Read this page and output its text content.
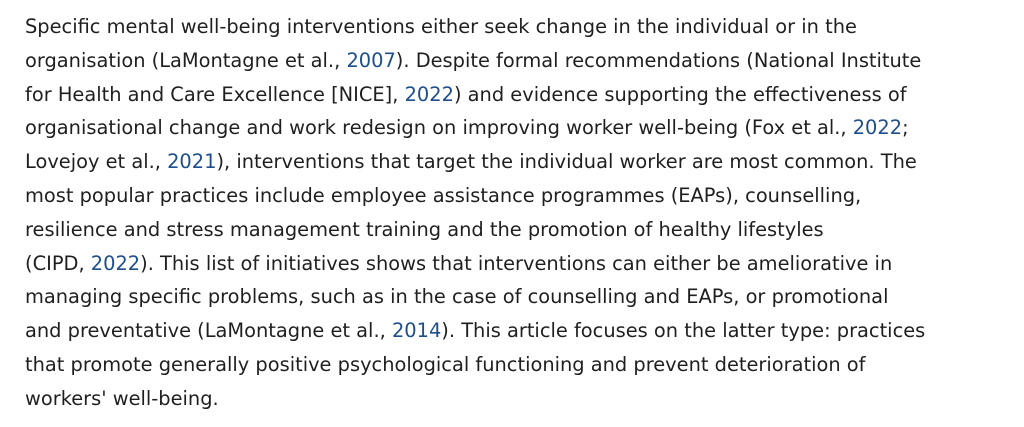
Specific mental well-being interventions either seek change in the individual or in the
organisation (LaMontagne et al., 2007). Despite formal recommendations (National Institute
for Health and Care Excellence [NICE], 2022) and evidence supporting the effectiveness of
organisational change and work redesign on improving worker well-being (Fox et al., 2022;
Lovejoy et al., 2021), interventions that target the individual worker are most common. The
most popular practices include employee assistance programmes (EAPs), counselling,
resilience and stress management training and the promotion of healthy lifestyles
(CIPD, 2022). This list of initiatives shows that interventions can either be ameliorative in
managing specific problems, such as in the case of counselling and EAPs, or promotional
and preventative (LaMontagne et al., 2014). This article focuses on the latter type: practices
that promote generally positive psychological functioning and prevent deterioration of
workers' well-being.
